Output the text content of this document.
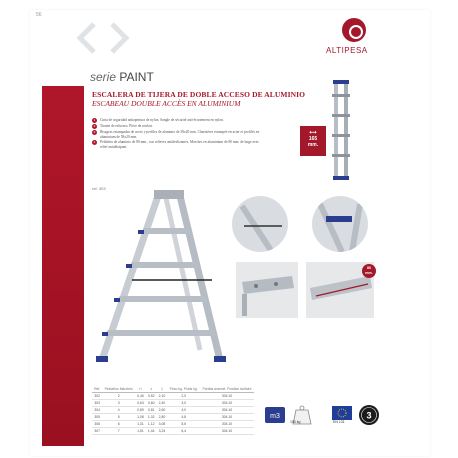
56
ALTIPESA
serie PAINT
ESCALERA DE TIJERA DE DOBLE ACCESO DE ALUMINIO
ESCABEAU DOUBLE ACCÈS EN ALUMINIUM
1	Cinta de seguridad antiapertura de nylon. Sangle de sécurité anti-écartement en nylon.
2	Tirante de refuerzo. Pièce de renfort.
3	Bisagras estampadas de acero y perfiles de aluminio de 58x20 mm. Charnières estampée en acier et profilés en aluminium de 58x20 mm.
4	Peldaños de aluminio de 80 mm., con relieves antideslizantes. Marches en aluminium de 80 mm. de large avec relief antidérapant.
⟷
165
mm.
ref. 303
80
mm.
Ref.	Peldaños Marches	⊓	∧	▯	Peso kg. Poids kg.	Partida arancel. Position tarifaire
302	2	0,46	0,52	2,10	2,0	304.10
303	3	0,63	0,60	2,40	3,0	304.10
304	4	0,89	0,81	2,60	4,0	304.10
305	5	1,08	1,02	2,80	4,8	304.10
306	6	1,31	1,12	3,08	5,6	304.10
307	7	1,51	1,44	3,24	6,4	304.10
m3
150 kg	EN 131
3
